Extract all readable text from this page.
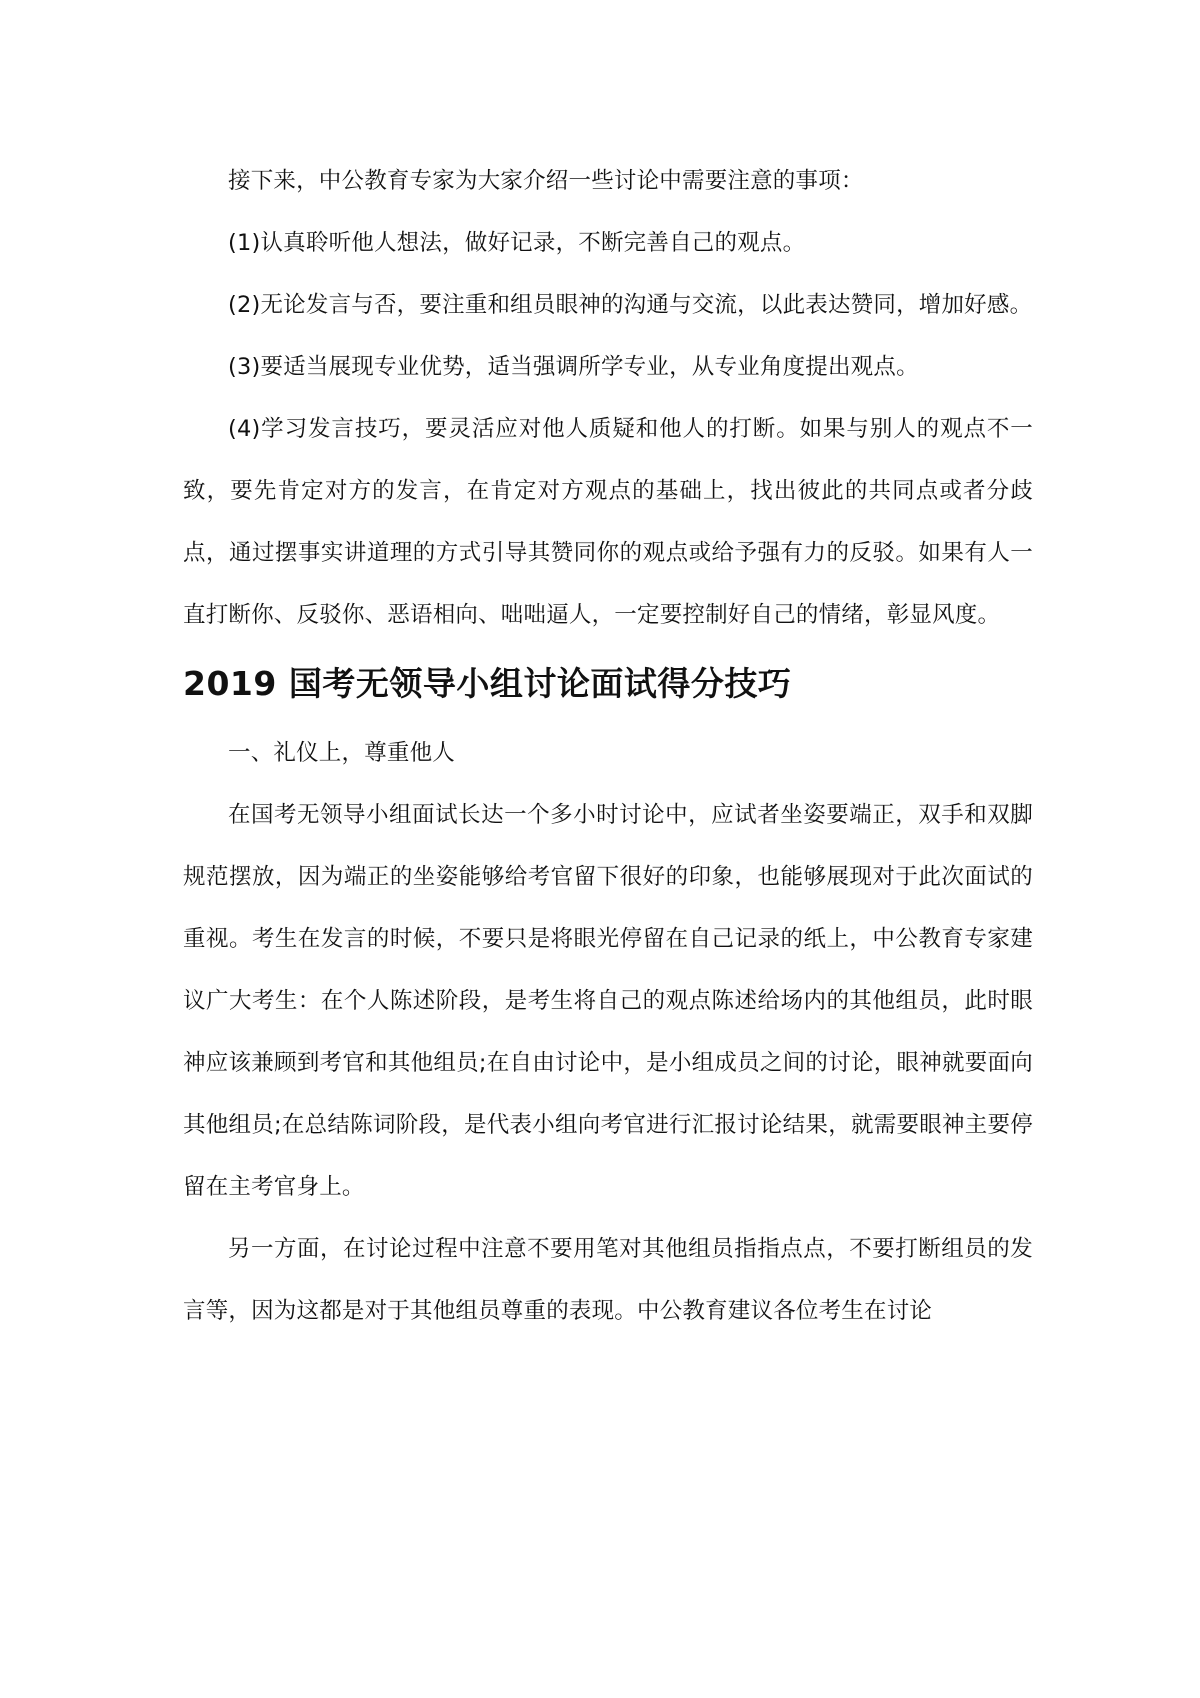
接下来，中公教育专家为大家介绍一些讨论中需要注意的事项：

(1)认真聆听他人想法，做好记录，不断完善自己的观点。

(2)无论发言与否，要注重和组员眼神的沟通与交流，以此表达赞同，增加好感。

(3)要适当展现专业优势，适当强调所学专业，从专业角度提出观点。

(4)学习发言技巧，要灵活应对他人质疑和他人的打断。如果与别人的观点不一致，要先肯定对方的发言，在肯定对方观点的基础上，找出彼此的共同点或者分歧点，通过摆事实讲道理的方式引导其赞同你的观点或给予强有力的反驳。如果有人一直打断你、反驳你、恶语相向、咄咄逼人，一定要控制好自己的情绪，彰显风度。

2019 国考无领导小组讨论面试得分技巧

一、礼仪上，尊重他人

在国考无领导小组面试长达一个多小时讨论中，应试者坐姿要端正，双手和双脚规范摆放，因为端正的坐姿能够给考官留下很好的印象，也能够展现对于此次面试的重视。考生在发言的时候，不要只是将眼光停留在自己记录的纸上，中公教育专家建议广大考生：在个人陈述阶段，是考生将自己的观点陈述给场内的其他组员，此时眼神应该兼顾到考官和其他组员;在自由讨论中，是小组成员之间的讨论，眼神就要面向其他组员;在总结陈词阶段，是代表小组向考官进行汇报讨论结果，就需要眼神主要停留在主考官身上。

另一方面，在讨论过程中注意不要用笔对其他组员指指点点，不要打断组员的发言等，因为这都是对于其他组员尊重的表现。中公教育建议各位考生在讨论
